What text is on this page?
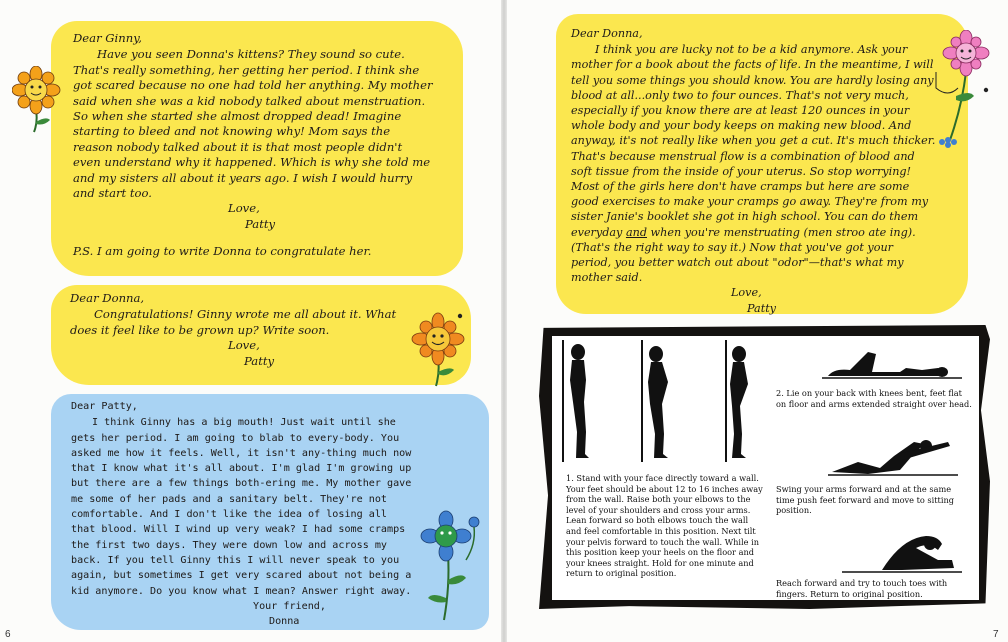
Dear Ginny,

Have you seen Donna's kittens? They sound so cute. That's really something, her getting her period. I think she got scared because no one had told her anything. My mother said when she was a kid nobody talked about menstruation. So when she started she almost dropped dead! Imagine starting to bleed and not knowing why! Mom says the reason nobody talked about it is that most people didn't even understand why it happened. Which is why she told me and my sisters all about it years ago. I wish I would hurry and start too.

Love,

Patty

P.S. I am going to write Donna to congratulate her.

Dear Donna,

Congratulations! Ginny wrote me all about it. What does it feel like to be grown up? Write soon.

Love,

Patty

Dear Patty,

I think Ginny has a big mouth! Just wait until she gets her period. I am going to blab to every-body. You asked me how it feels. Well, it isn't any-thing much now that I know what it's all about. I'm glad I'm growing up but there are a few things both-ering me. My mother gave me some of her pads and a sanitary belt. They're not comfortable. And I don't like the idea of losing all that blood. Will I wind up very weak? I had some cramps the first two days. They were down low and across my back. If you tell Ginny this I will never speak to you again, but sometimes I get very scared about not being a kid anymore. Do you know what I mean? Answer right away.

Your friend,

Donna

Dear Donna,

I think you are lucky not to be a kid anymore. Ask your mother for a book about the facts of life. In the meantime, I will tell you some things you should know. You are hardly losing any blood at all...only two to four ounces. That's not very much, especially if you know there are at least 120 ounces in your whole body and your body keeps on making new blood. And anyway, it's not really like when you get a cut. It's much thicker. That's because menstrual flow is a combination of blood and soft tissue from the inside of your uterus. So stop worrying! Most of the girls here don't have cramps but here are some good exercises to make your cramps go away. They're from my sister Janie's booklet she got in high school. You can do them everyday and when you're menstruating (men stroo ate ing). (That's the right way to say it.) Now that you've got your period, you better watch out about "odor"—that's what my mother said.

Love,

Patty

1. Stand with your face directly toward a wall. Your feet should be about 12 to 16 inches away from the wall. Raise both your elbows to the level of your shoulders and cross your arms. Lean forward so both elbows touch the wall and feel comfortable in this position. Next tilt your pelvis forward to touch the wall. While in this position keep your heels on the floor and your knees straight. Hold for one minute and return to original position.

2. Lie on your back with knees bent, feet flat on floor and arms extended straight over head.

Swing your arms forward and at the same time push feet forward and move to sitting position.

Reach forward and try to touch toes with fingers. Return to original position.

6	7
